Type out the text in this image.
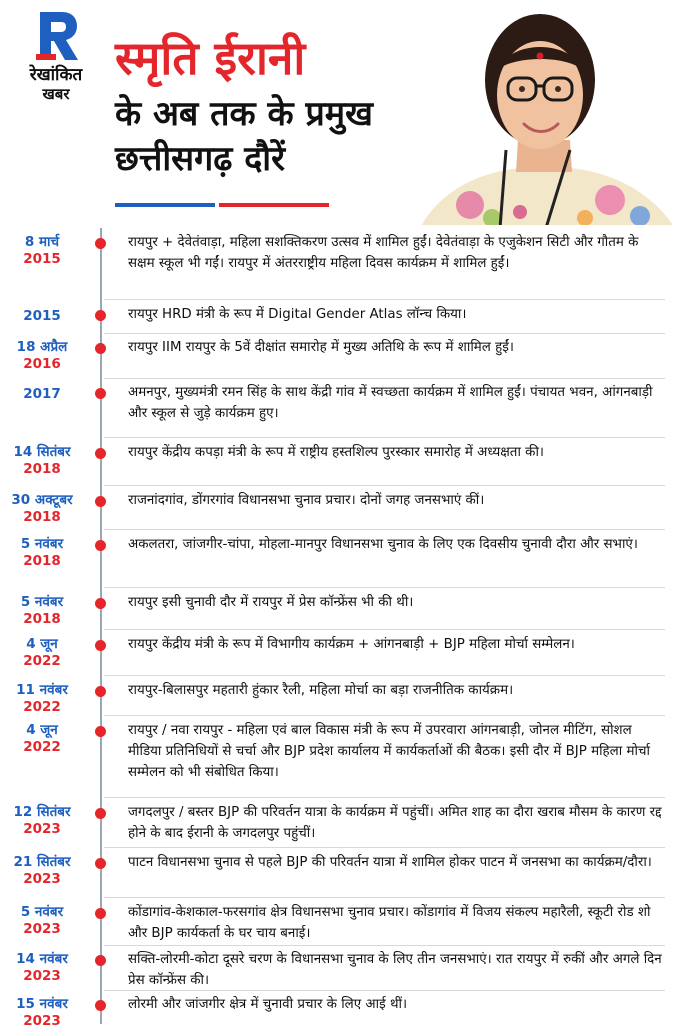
रेखांकित
खबर
स्मृति ईरानी
के अब तक के प्रमुख
छत्तीसगढ़ दौरें
8 मार्च
2015
रायपुर + देवेतंवाड़ा, महिला सशक्तिकरण उत्सव में शामिल हुईं। देवेतंवाड़ा के एजुकेशन सिटी और गौतम के सक्षम स्कूल भी गईं। रायपुर में अंतरराष्ट्रीय महिला दिवस कार्यक्रम में शामिल हुईं।
2015	रायपुर HRD मंत्री के रूप में Digital Gender Atlas लॉन्च किया।
18 अप्रैल
2016
रायपुर IIM रायपुर के 5वें दीक्षांत समारोह में मुख्य अतिथि के रूप में शामिल हुईं।
2017	अमनपुर, मुख्यमंत्री रमन सिंह के साथ केंद्री गांव में स्वच्छता कार्यक्रम में शामिल हुईं। पंचायत भवन, आंगनबाड़ी और स्कूल से जुड़े कार्यक्रम हुए।
14 सितंबर
2018
रायपुर केंद्रीय कपड़ा मंत्री के रूप में राष्ट्रीय हस्तशिल्प पुरस्कार समारोह में अध्यक्षता की।
30 अक्टूबर
2018
राजनांदगांव, डोंगरगांव विधानसभा चुनाव प्रचार। दोनों जगह जनसभाएं कीं।
5 नवंबर
2018
अकलतरा, जांजगीर-चांपा, मोहला-मानपुर विधानसभा चुनाव के लिए एक दिवसीय चुनावी दौरा और सभाएं।
5 नवंबर
2018
रायपुर इसी चुनावी दौर में रायपुर में प्रेस कॉन्फ्रेंस भी की थी।
4 जून
2022
रायपुर केंद्रीय मंत्री के रूप में विभागीय कार्यक्रम + आंगनबाड़ी + BJP महिला मोर्चा सम्मेलन।
11 नवंबर
2022
रायपुर-बिलासपुर महतारी हुंकार रैली, महिला मोर्चा का बड़ा राजनीतिक कार्यक्रम।
4 जून
2022
रायपुर / नवा रायपुर - महिला एवं बाल विकास मंत्री के रूप में उपरवारा आंगनबाड़ी, जोनल मीटिंग, सोशल मीडिया प्रतिनिधियों से चर्चा और BJP प्रदेश कार्यालय में कार्यकर्ताओं की बैठक। इसी दौर में BJP महिला मोर्चा सम्मेलन को भी संबोधित किया।
12 सितंबर
2023
जगदलपुर / बस्तर BJP की परिवर्तन यात्रा के कार्यक्रम में पहुंचीं। अमित शाह का दौरा खराब मौसम के कारण रद्द होने के बाद ईरानी के जगदलपुर पहुंचीं।
21 सितंबर
2023
पाटन विधानसभा चुनाव से पहले BJP की परिवर्तन यात्रा में शामिल होकर पाटन में जनसभा का कार्यक्रम/दौरा।
5 नवंबर
2023
कोंडागांव-केशकाल-फरसगांव क्षेत्र विधानसभा चुनाव प्रचार। कोंडागांव में विजय संकल्प महारैली, स्कूटी रोड शो और BJP कार्यकर्ता के घर चाय बनाई।
14 नवंबर
2023
सक्ति-लोरमी-कोटा दूसरे चरण के विधानसभा चुनाव के लिए तीन जनसभाएं। रात रायपुर में रुकीं और अगले दिन प्रेस कॉन्फ्रेंस की।
15 नवंबर
2023
लोरमी और जांजगीर क्षेत्र में चुनावी प्रचार के लिए आई थीं।
